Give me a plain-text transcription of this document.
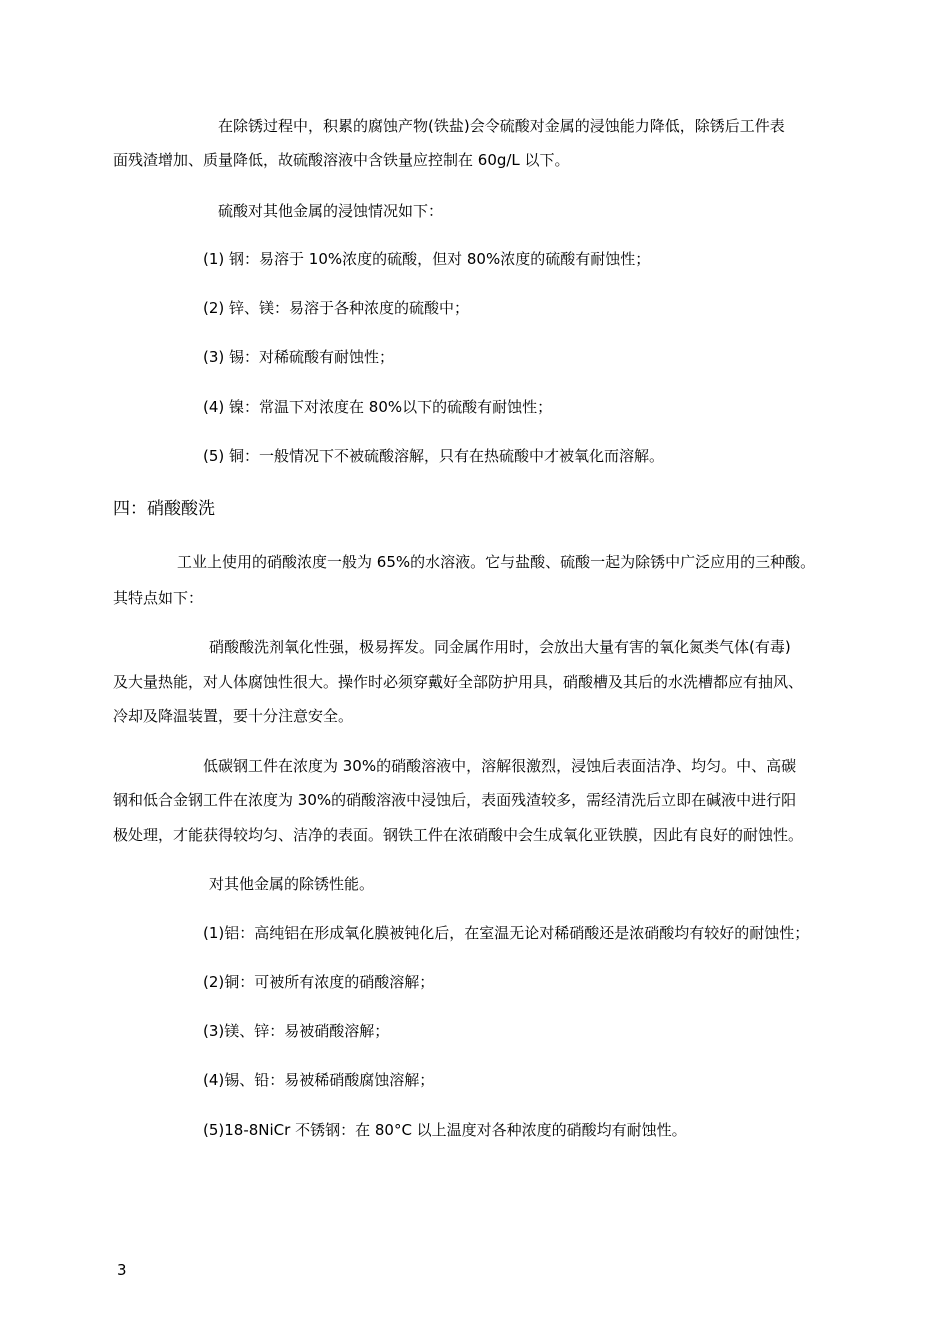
在除锈过程中，积累的腐蚀产物(铁盐)会令硫酸对金属的浸蚀能力降低，除锈后工件表
面残渣增加、质量降低，故硫酸溶液中含铁量应控制在 60g/L 以下。
硫酸对其他金属的浸蚀情况如下：
(1) 钢：易溶于 10%浓度的硫酸，但对 80%浓度的硫酸有耐蚀性；
(2) 锌、镁：易溶于各种浓度的硫酸中；
(3) 锡：对稀硫酸有耐蚀性；
(4) 镍：常温下对浓度在 80%以下的硫酸有耐蚀性；
(5) 铜：一般情况下不被硫酸溶解，只有在热硫酸中才被氧化而溶解。
四：硝酸酸洗
工业上使用的硝酸浓度一般为 65%的水溶液。它与盐酸、硫酸一起为除锈中广泛应用的三种酸。
其特点如下：
硝酸酸洗剂氧化性强，极易挥发。同金属作用时，会放出大量有害的氧化氮类气体(有毒)
及大量热能，对人体腐蚀性很大。操作时必须穿戴好全部防护用具，硝酸槽及其后的水洗槽都应有抽风、
冷却及降温装置，要十分注意安全。
低碳钢工件在浓度为 30%的硝酸溶液中，溶解很激烈，浸蚀后表面洁净、均匀。中、高碳
钢和低合金钢工件在浓度为 30%的硝酸溶液中浸蚀后，表面残渣较多，需经清洗后立即在碱液中进行阳
极处理，才能获得较均匀、洁净的表面。钢铁工件在浓硝酸中会生成氧化亚铁膜，因此有良好的耐蚀性。
对其他金属的除锈性能。
(1)铝：高纯铝在形成氧化膜被钝化后，在室温无论对稀硝酸还是浓硝酸均有较好的耐蚀性；
(2)铜：可被所有浓度的硝酸溶解；
(3)镁、锌：易被硝酸溶解；
(4)锡、铅：易被稀硝酸腐蚀溶解；
(5)18-8NiCr 不锈钢：在 80°C 以上温度对各种浓度的硝酸均有耐蚀性。
3
